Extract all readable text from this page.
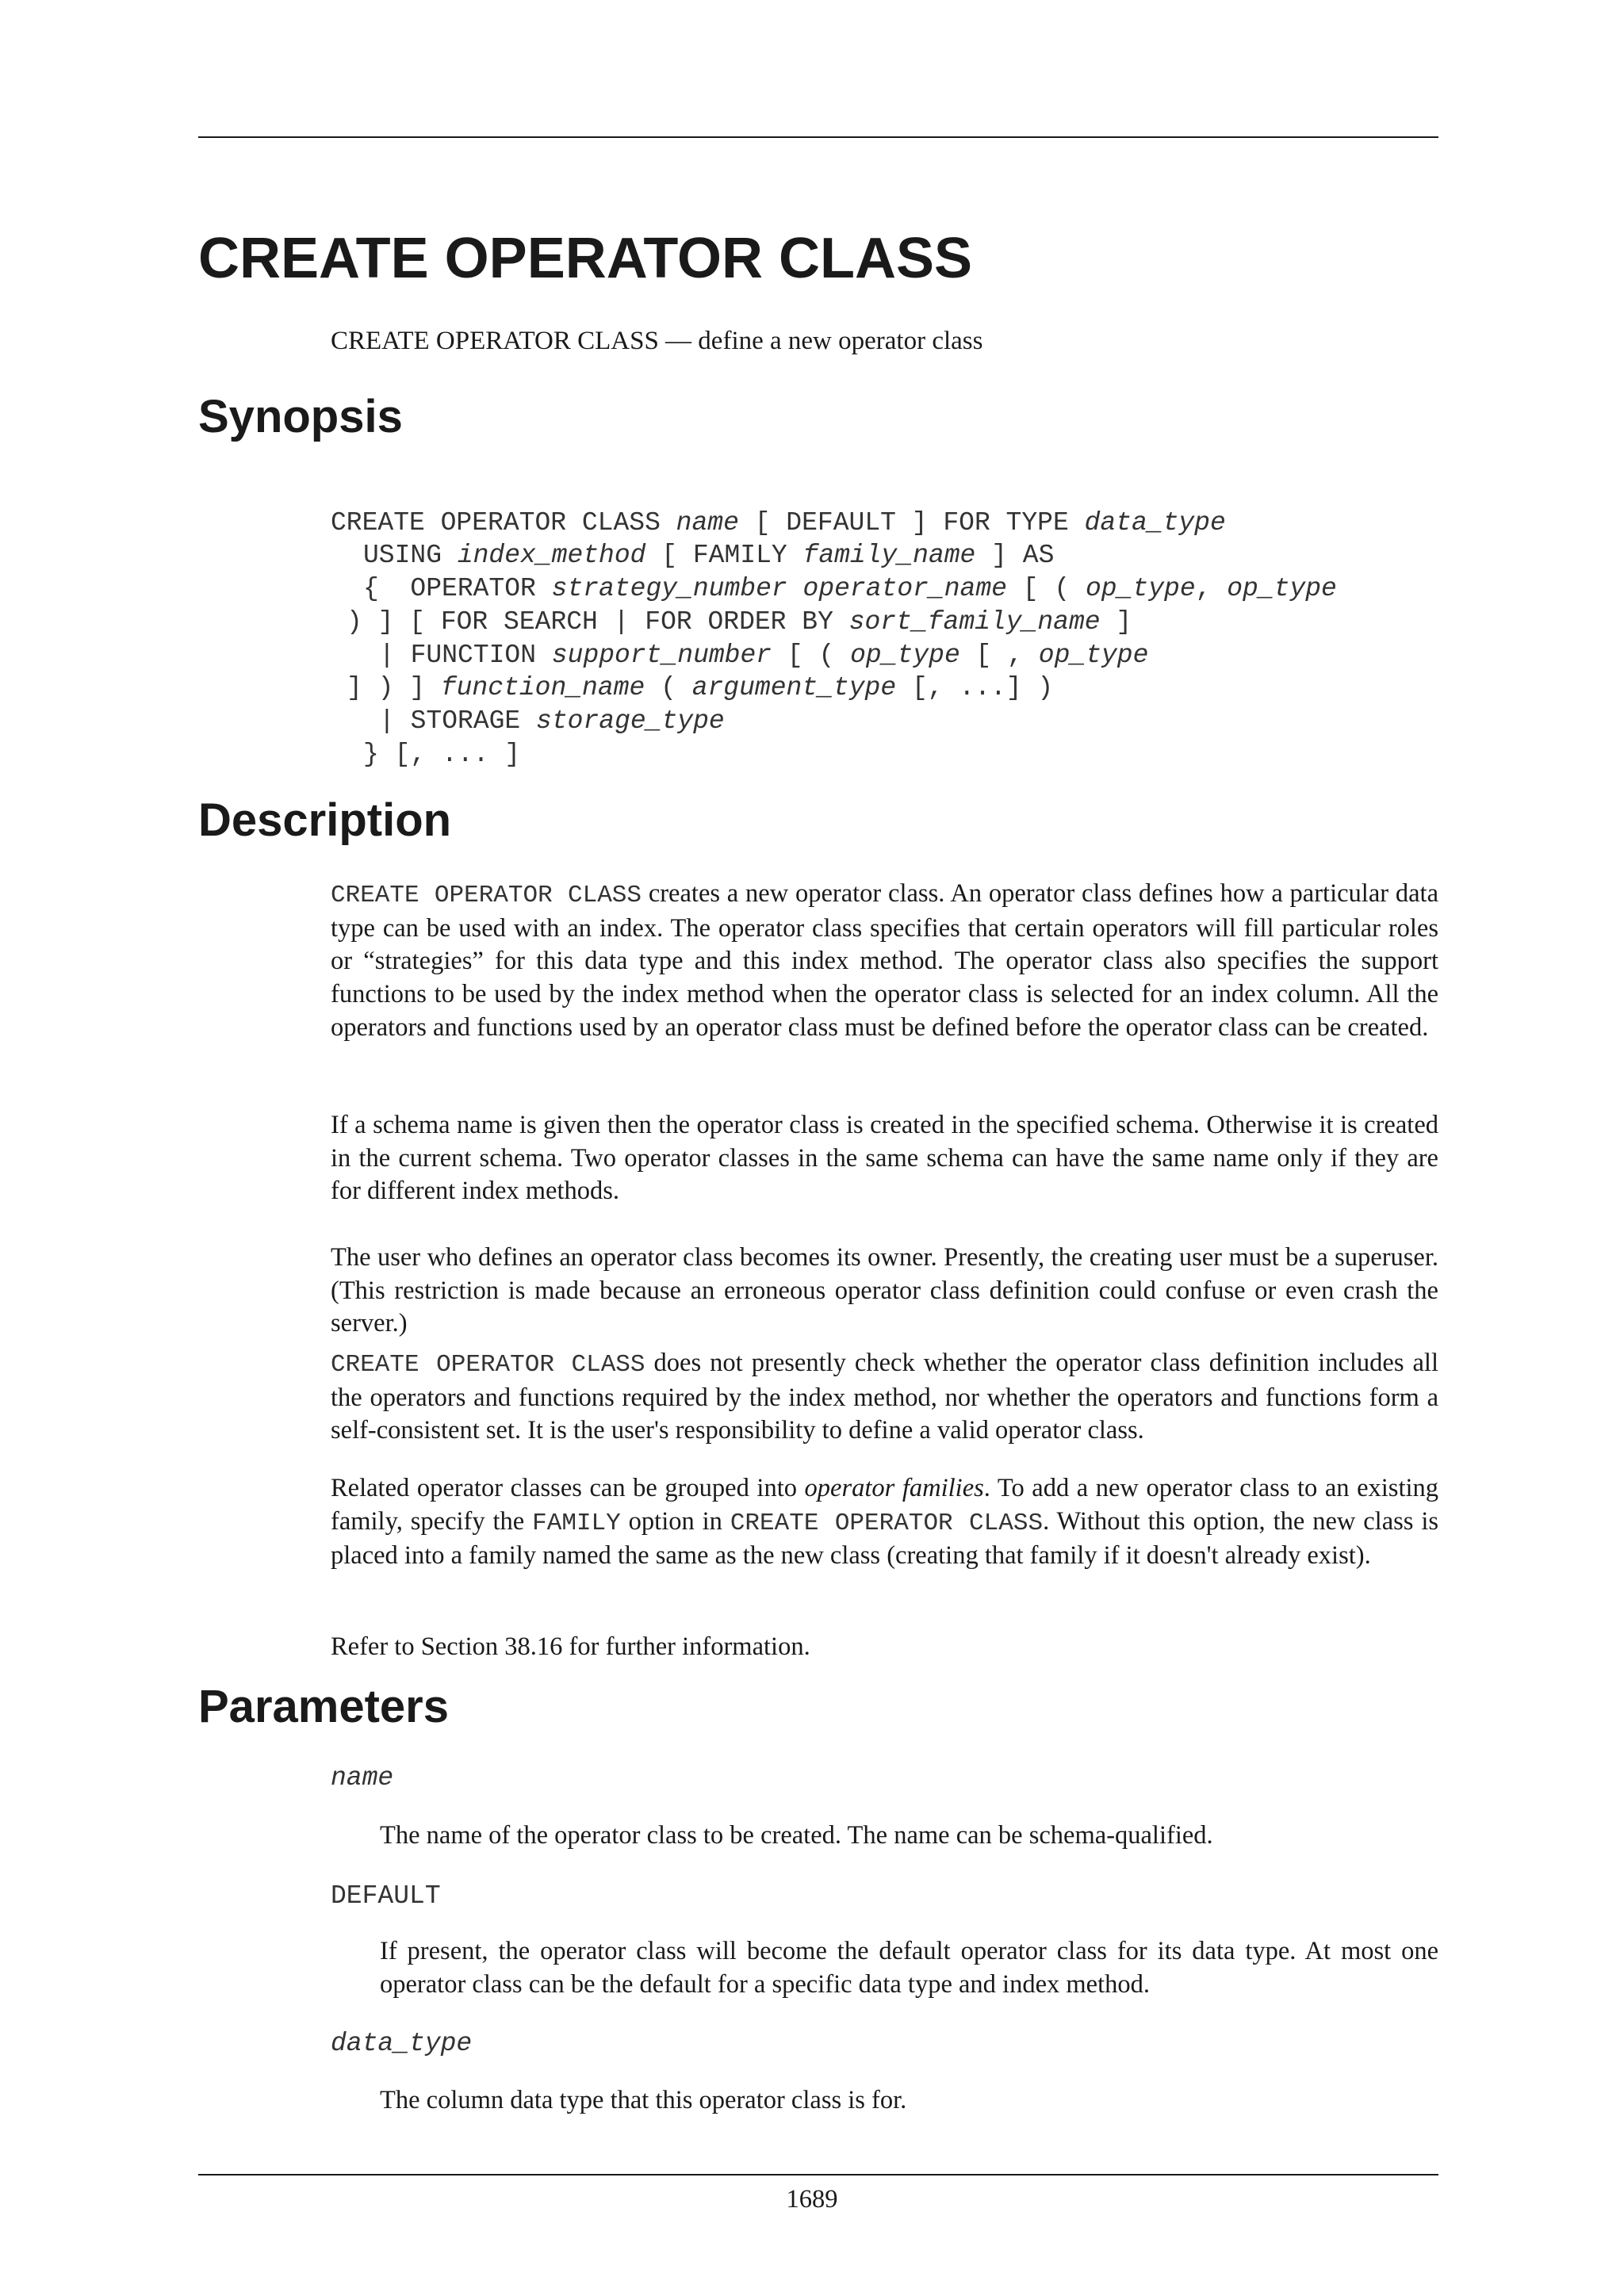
CREATE OPERATOR CLASS

CREATE OPERATOR CLASS — define a new operator class

Synopsis

CREATE OPERATOR CLASS name [ DEFAULT ] FOR TYPE data_type

USING index_method [ FAMILY family_name ] AS

{  OPERATOR strategy_number operator_name [ ( op_type, op_type

) ] [ FOR SEARCH | FOR ORDER BY sort_family_name ]

| FUNCTION support_number [ ( op_type [ , op_type

] ) ] function_name ( argument_type [, ...] )

| STORAGE storage_type

} [, ... ]

Description

CREATE OPERATOR CLASS creates a new operator class. An operator class defines how a particular data type can be used with an index. The operator class specifies that certain operators will fill particular roles or “strategies” for this data type and this index method. The operator class also specifies the support functions to be used by the index method when the operator class is selected for an index column. All the operators and functions used by an operator class must be defined before the operator class can be created.

If a schema name is given then the operator class is created in the specified schema. Otherwise it is created in the current schema. Two operator classes in the same schema can have the same name only if they are for different index methods.

The user who defines an operator class becomes its owner. Presently, the creating user must be a superuser. (This restriction is made because an erroneous operator class definition could confuse or even crash the server.)

CREATE OPERATOR CLASS does not presently check whether the operator class definition includes all the operators and functions required by the index method, nor whether the operators and functions form a self-consistent set. It is the user's responsibility to define a valid operator class.

Related operator classes can be grouped into operator families. To add a new operator class to an existing family, specify the FAMILY option in CREATE OPERATOR CLASS. Without this option, the new class is placed into a family named the same as the new class (creating that family if it doesn't already exist).

Refer to Section 38.16 for further information.

Parameters

name

The name of the operator class to be created. The name can be schema-qualified.

DEFAULT

If present, the operator class will become the default operator class for its data type. At most one operator class can be the default for a specific data type and index method.

data_type

The column data type that this operator class is for.

1689
